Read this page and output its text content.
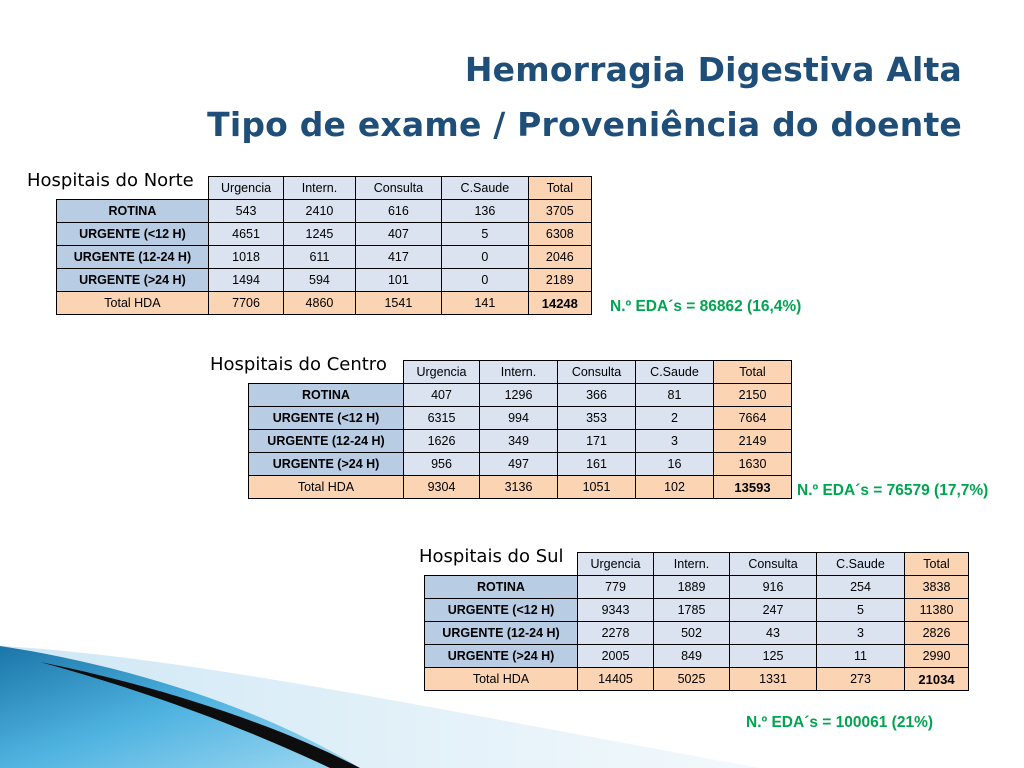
Hemorragia Digestiva Alta
Tipo de exame / Proveniência do doente
Hospitais do Norte
	Urgencia	Intern.	Consulta	C.Saude	Total
ROTINA	543	2410	616	136	3705
URGENTE (<12 H)	4651	1245	407	5	6308
URGENTE (12-24 H)	1018	611	417	0	2046
URGENTE (>24 H)	1494	594	101	0	2189
Total HDA	7706	4860	1541	141	14248 N.º EDA´s = 86862 (16,4%)
Hospitais do Centro
	Urgencia	Intern.	Consulta	C.Saude	Total
ROTINA	407	1296	366	81	2150
URGENTE (<12 H)	6315	994	353	2	7664
URGENTE (12-24 H)	1626	349	171	3	2149
URGENTE (>24 H)	956	497	161	16	1630
Total HDA	9304	3136	1051	102	13593 N.º EDA´s = 76579 (17,7%)
Hospitais do Sul
	Urgencia	Intern.	Consulta	C.Saude	Total
ROTINA	779	1889	916	254	3838
URGENTE (<12 H)	9343	1785	247	5	11380
URGENTE (12-24 H)	2278	502	43	3	2826
URGENTE (>24 H)	2005	849	125	11	2990
Total HDA	14405	5025	1331	273	21034
N.º EDA´s = 100061 (21%)
